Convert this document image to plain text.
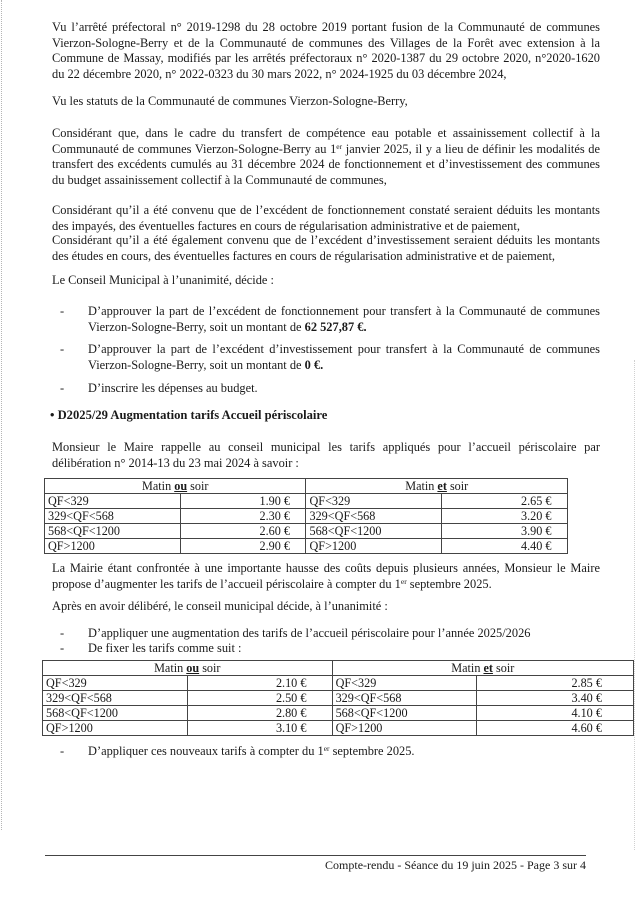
Vu l’arrêté préfectoral n° 2019-1298 du 28 octobre 2019 portant fusion de la Communauté de communes Vierzon-Sologne-Berry et de la Communauté de communes des Villages de la Forêt avec extension à la Commune de Massay, modifiés par les arrêtés préfectoraux n° 2020-1387 du 29 octobre 2020, n°2020-1620 du 22 décembre 2020, n° 2022-0323 du 30 mars 2022, n° 2024-1925 du 03 décembre 2024,

Vu les statuts de la Communauté de communes Vierzon-Sologne-Berry,

Considérant que, dans le cadre du transfert de compétence eau potable et assainissement collectif à la Communauté de communes Vierzon-Sologne-Berry au 1er janvier 2025, il y a lieu de définir les modalités de transfert des excédents cumulés au 31 décembre 2024 de fonctionnement et d’investissement des communes du budget assainissement collectif à la Communauté de communes,

Considérant qu’il a été convenu que de l’excédent de fonctionnement constaté seraient déduits les montants des impayés, des éventuelles factures en cours de régularisation administrative et de paiement,

Considérant qu’il a été également convenu que de l’excédent d’investissement seraient déduits les montants des études en cours, des éventuelles factures en cours de régularisation administrative et de paiement,

Le Conseil Municipal à l’unanimité, décide :

- D’approuver la part de l’excédent de fonctionnement pour transfert à la Communauté de communes Vierzon-Sologne-Berry, soit un montant de 62 527,87 €.
- D’approuver la part de l’excédent d’investissement pour transfert à la Communauté de communes Vierzon-Sologne-Berry, soit un montant de 0 €.
- D’inscrire les dépenses au budget.
• D2025/29 Augmentation tarifs Accueil périscolaire

Monsieur le Maire rappelle au conseil municipal les tarifs appliqués pour l’accueil périscolaire par délibération n° 2014-13 du 23 mai 2024 à savoir :

Matin ou soir		Matin et soir	
QF<329	1.90 €	QF<329	2.65 €
329<QF<568	2.30 €	329<QF<568	3.20 €
568<QF<1200	2.60 €	568<QF<1200	3.90 €
QF>1200	2.90 €	QF>1200	4.40 €

La Mairie étant confrontée à une importante hausse des coûts depuis plusieurs années, Monsieur le Maire propose d’augmenter les tarifs de l’accueil périscolaire à compter du 1er septembre 2025.

Après en avoir délibéré, le conseil municipal décide, à l’unanimité :

- D’appliquer une augmentation des tarifs de l’accueil périscolaire pour l’année 2025/2026
- De fixer les tarifs comme suit :
Matin ou soir		Matin et soir	
QF<329	2.10 €	QF<329	2.85 €
329<QF<568	2.50 €	329<QF<568	3.40 €
568<QF<1200	2.80 €	568<QF<1200	4.10 €
QF>1200	3.10 €	QF>1200	4.60 €
- D’appliquer ces nouveaux tarifs à compter du 1er septembre 2025.
Compte-rendu - Séance du 19 juin 2025 - Page 3 sur 4
